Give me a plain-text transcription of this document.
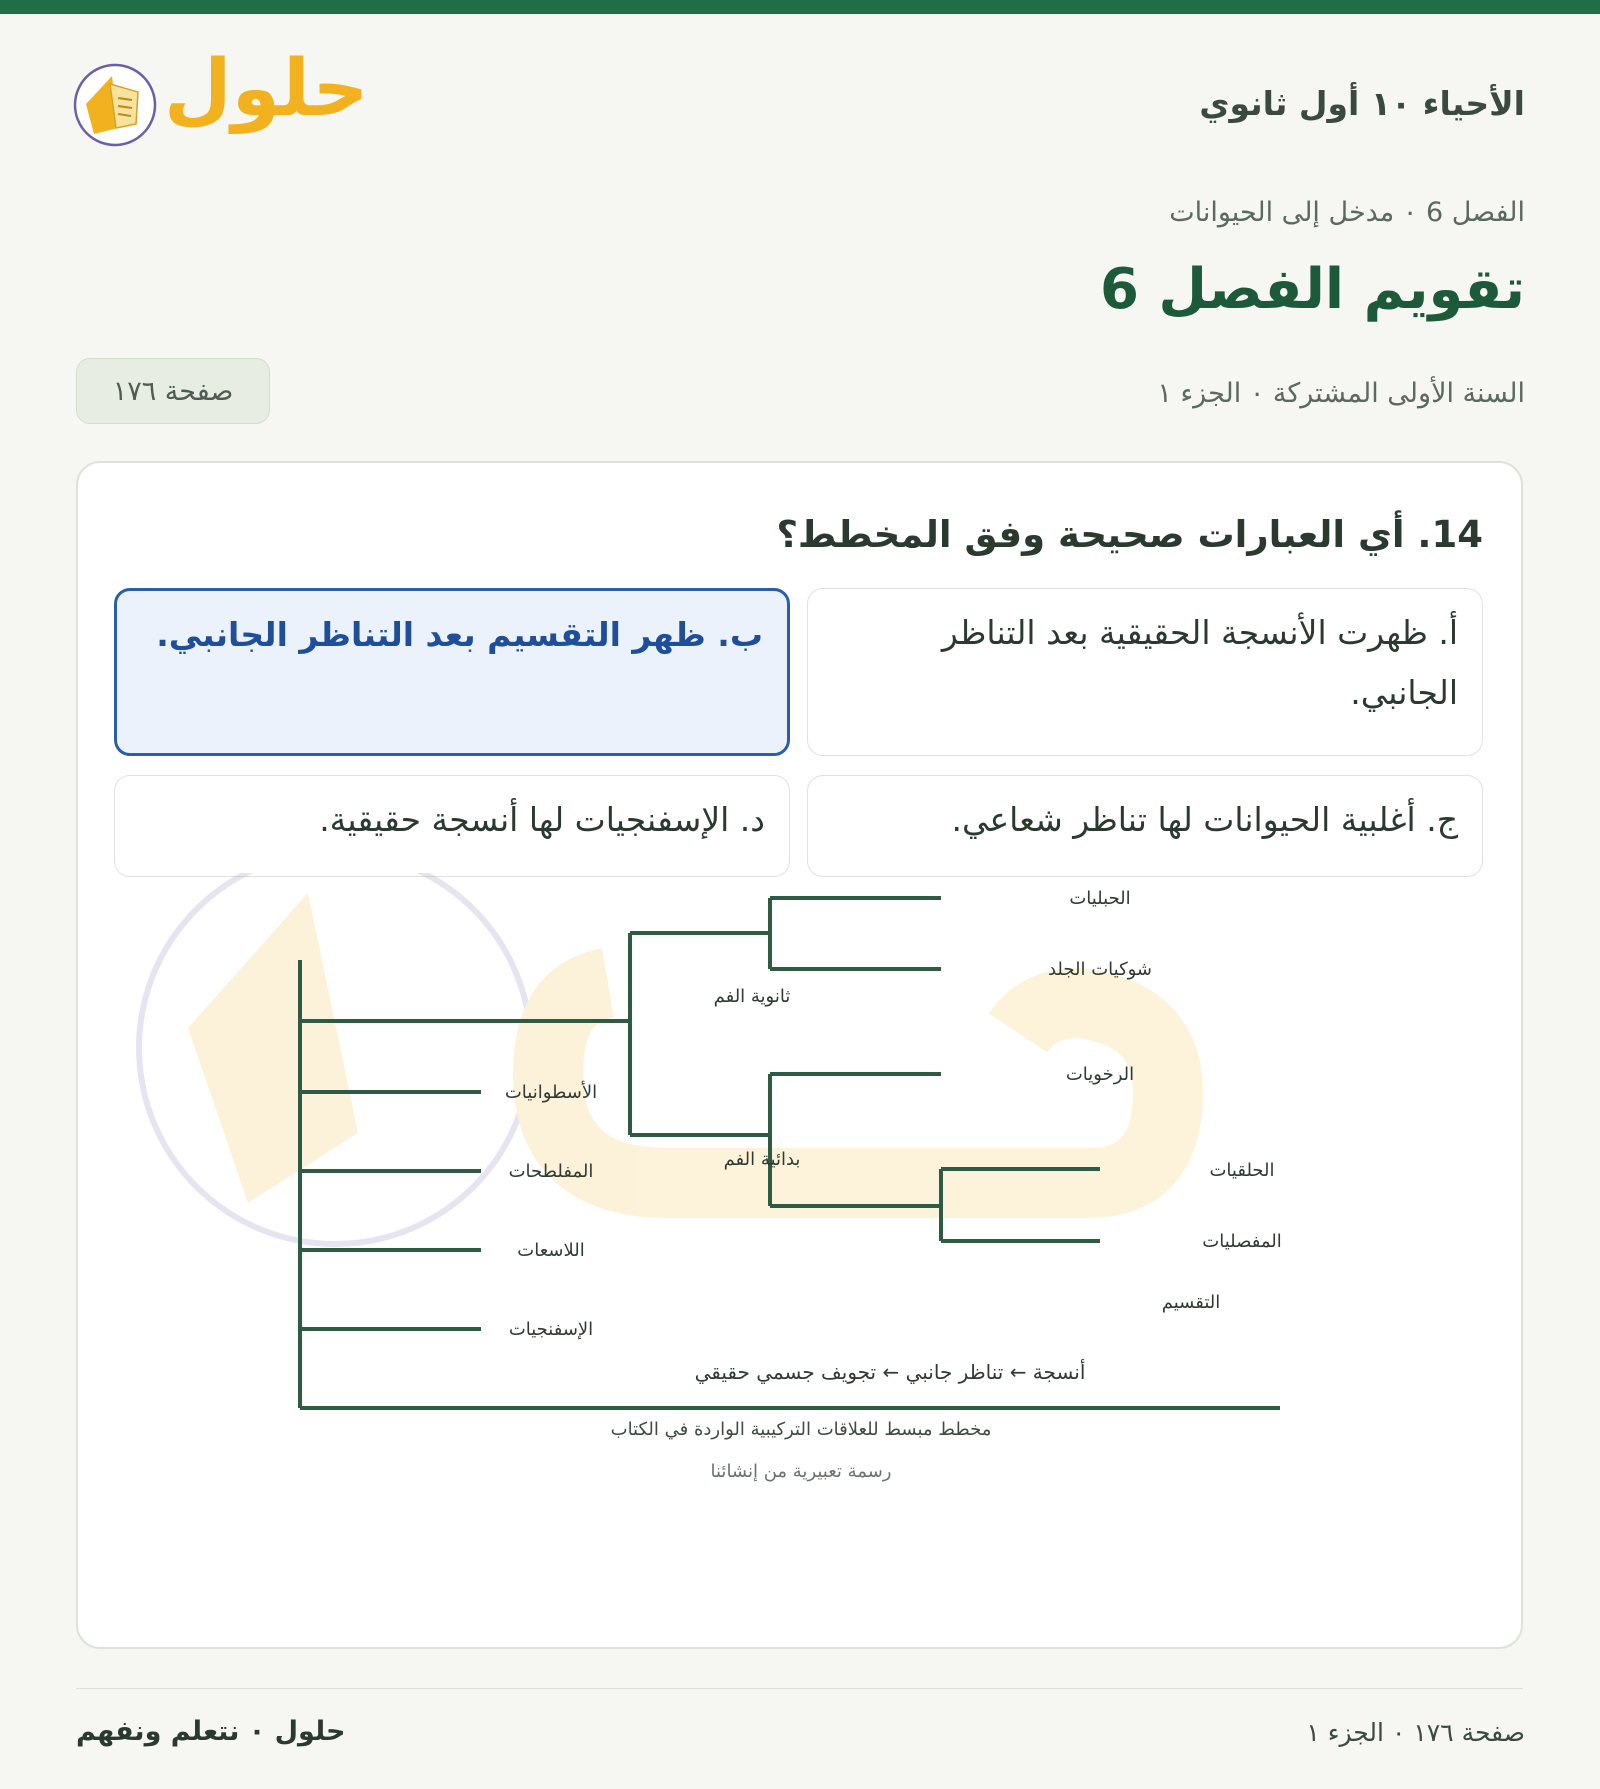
حلول	الأحياء ١٠ أول ثانوي
الفصل 6 ٠ مدخل إلى الحيوانات
تقويم الفصل 6
السنة الأولى المشتركة ٠ الجزء ١
صفحة ١٧٦
14. أي العبارات صحيحة وفق المخطط؟
أ. ظهرت الأنسجة الحقيقية بعد التناظر الجانبي.
ب. ظهر التقسيم بعد التناظر الجانبي.
ج. أغلبية الحيوانات لها تناظر شعاعي.
د. الإسفنجيات لها أنسجة حقيقية.
الحبليات
شوكيات الجلد
ثانوية الفم
الرخويات
بدائية الفم
الحلقيات
المفصليات
التقسيم
الأسطوانيات
المفلطحات
اللاسعات
الإسفنجيات
أنسجة ← تناظر جانبي ← تجويف جسمي حقيقي
مخطط مبسط للعلاقات التركيبية الواردة في الكتاب
رسمة تعبيرية من إنشائنا
صفحة ١٧٦ ٠ الجزء ١
حلول ٠ نتعلم ونفهم
